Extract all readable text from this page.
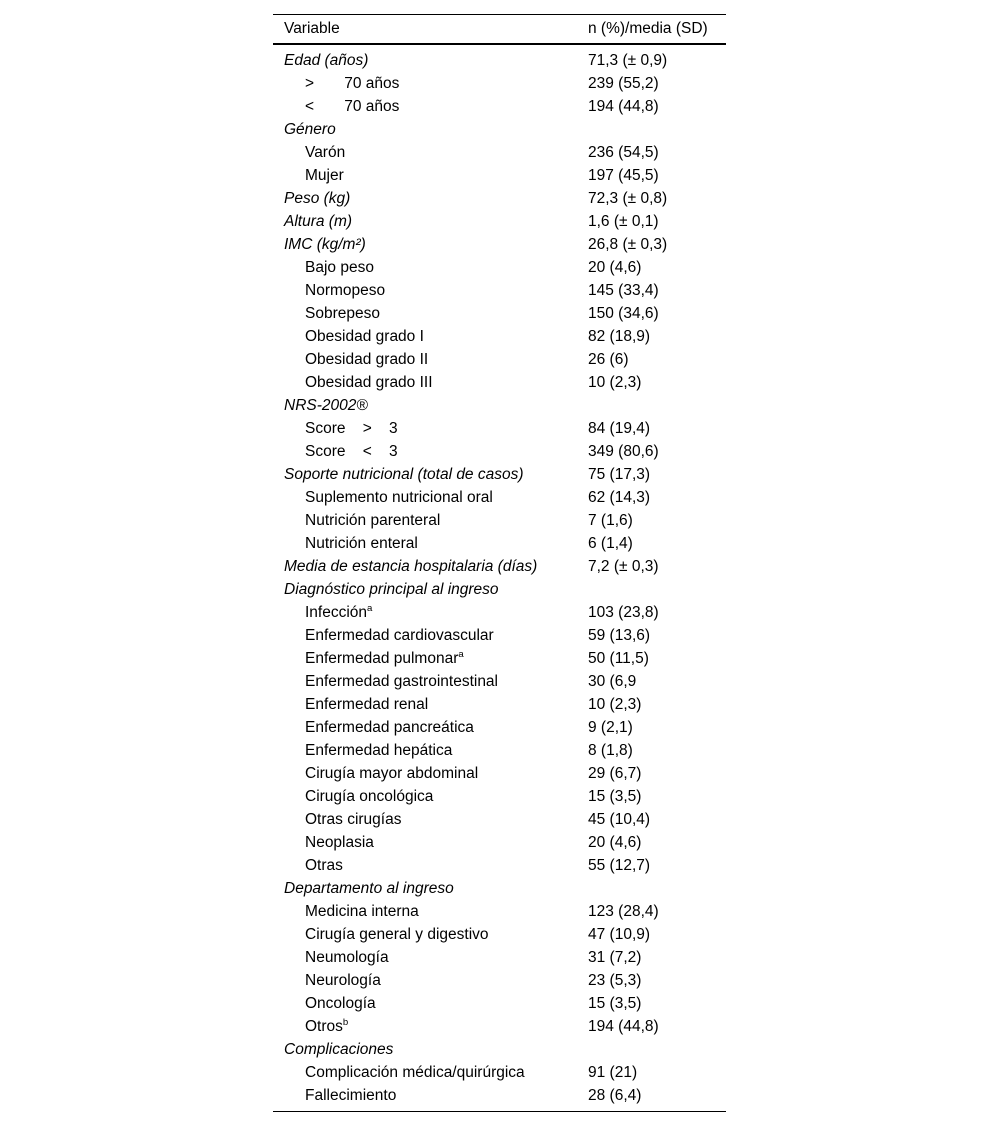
Variable	n (%)/media (SD)
Edad (años)	71,3 (± 0,9)
>       70 años	239 (55,2)
<       70 años	194 (44,8)
Género
Varón	236 (54,5)
Mujer	197 (45,5)
Peso (kg)	72,3 (± 0,8)
Altura (m)	1,6 (± 0,1)
IMC (kg/m²)	26,8 (± 0,3)
Bajo peso	20 (4,6)
Normopeso	145 (33,4)
Sobrepeso	150 (34,6)
Obesidad grado I	82 (18,9)
Obesidad grado II	26 (6)
Obesidad grado III	10 (2,3)
NRS-2002®
Score    >    3	84 (19,4)
Score    <    3	349 (80,6)
Soporte nutricional (total de casos)	75 (17,3)
Suplemento nutricional oral	62 (14,3)
Nutrición parenteral	7 (1,6)
Nutrición enteral	6 (1,4)
Media de estancia hospitalaria (días)	7,2 (± 0,3)
Diagnóstico principal al ingreso
Infección$^a$	103 (23,8)
Enfermedad cardiovascular	59 (13,6)
Enfermedad pulmonar$^a$	50 (11,5)
Enfermedad gastrointestinal	30 (6,9
Enfermedad renal	10 (2,3)
Enfermedad pancreática	9 (2,1)
Enfermedad hepática	8 (1,8)
Cirugía mayor abdominal	29 (6,7)
Cirugía oncológica	15 (3,5)
Otras cirugías	45 (10,4)
Neoplasia	20 (4,6)
Otras	55 (12,7)
Departamento al ingreso
Medicina interna	123 (28,4)
Cirugía general y digestivo	47 (10,9)
Neumología	31 (7,2)
Neurología	23 (5,3)
Oncología	15 (3,5)
Otros$^b$	194 (44,8)
Complicaciones
Complicación médica/quirúrgica	91 (21)
Fallecimiento	28 (6,4)
